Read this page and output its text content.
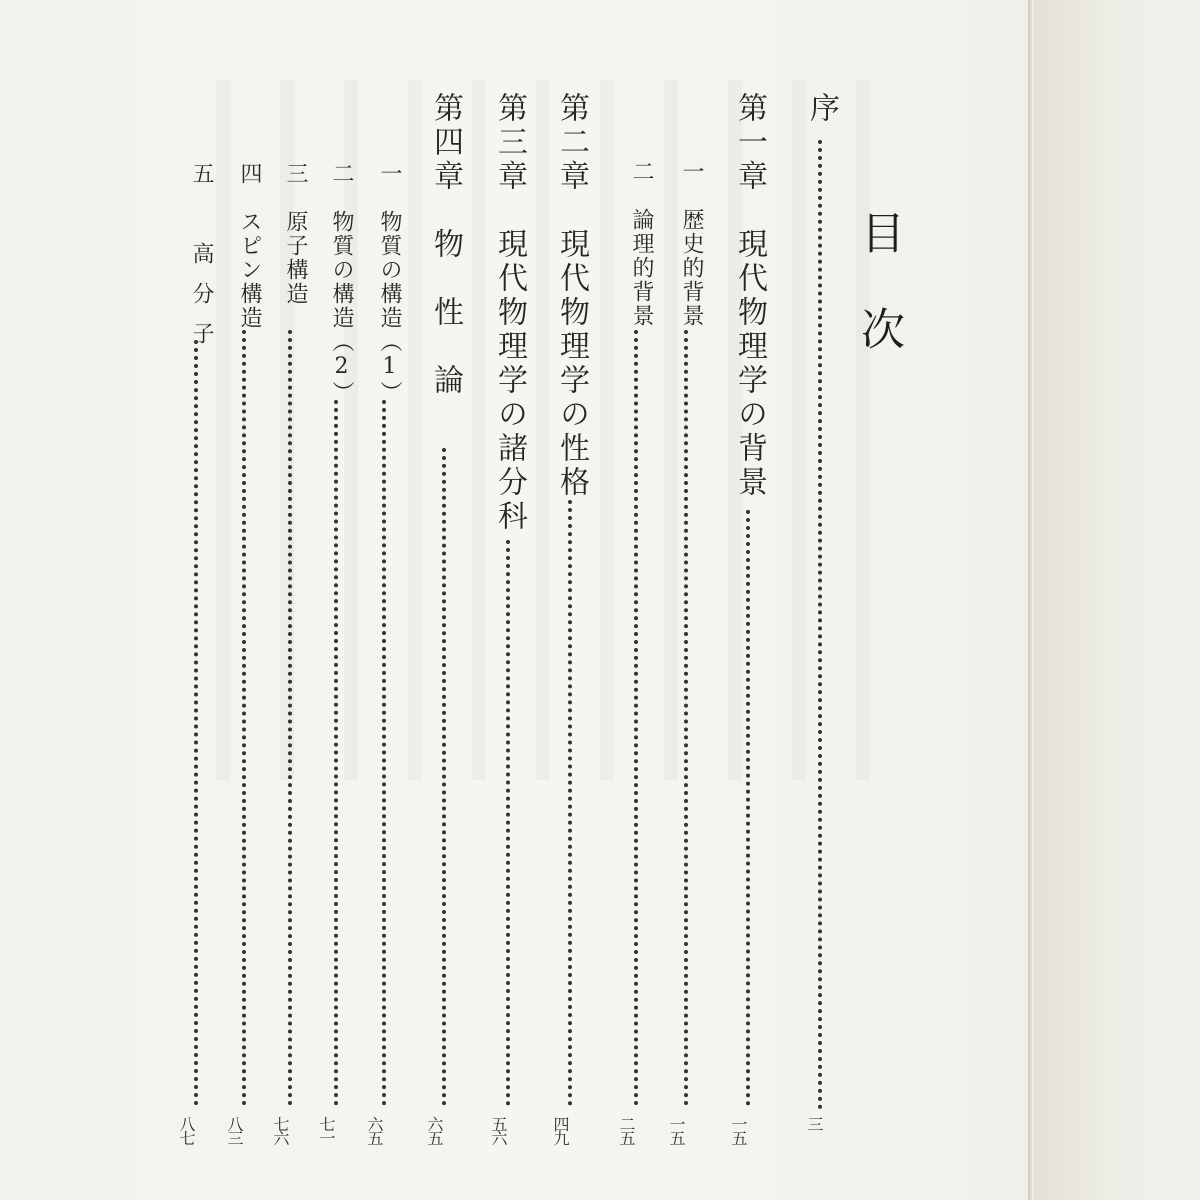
目次
序
三
第一章　現代物理学の背景
一五
一　歴史的背景
一五
二　論理的背景
二五
第二章　現代物理学の性格
四九
第三章　現代物理学の諸分科
五六
第四章　物　性　論
六五
一　物質の構造（1）
六五
二　物質の構造（2）
七一
三　原子構造
七六
四　スピン構造
八三
五　高分子
八七
